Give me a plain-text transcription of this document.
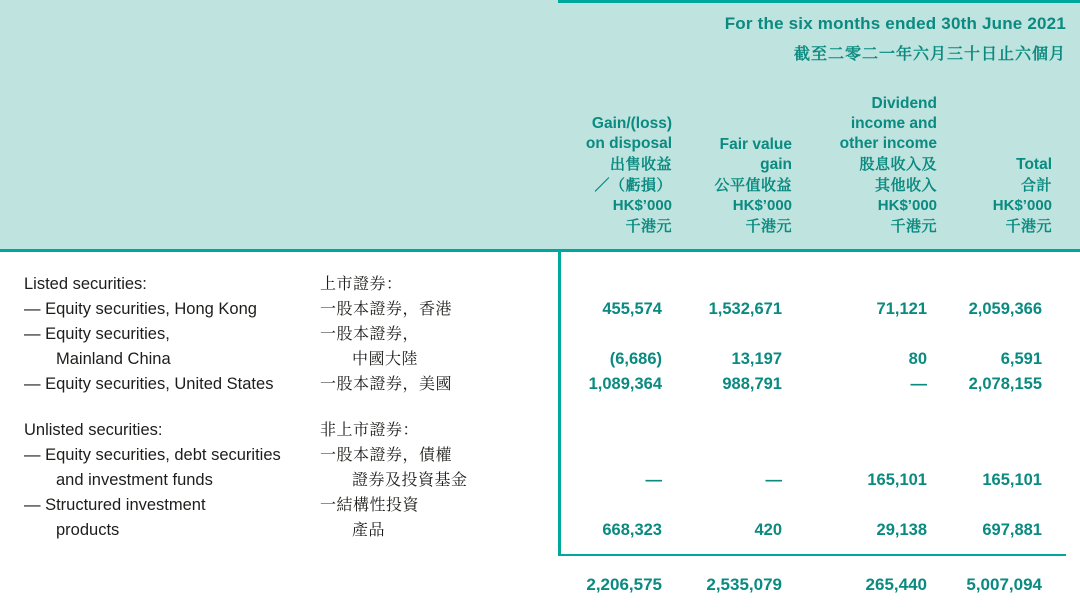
For the six months ended 30th June 2021
截至二零二一年六月三十日止六個月
Gain/(loss)
on disposal
出售收益
／（虧損）
HK$’000
千港元
Fair value
gain
公平值收益
HK$’000
千港元
Dividend
income and
other income
股息收入及
其他收入
HK$’000
千港元
Total
合計
HK$’000
千港元
Listed securities:	上市證券：
— Equity securities, Hong Kong	一股本證券，香港	455,574	1,532,671	71,121	2,059,366
— Equity securities,	一股本證券，
Mainland China	中國大陸	(6,686)	13,197	80	6,591
— Equity securities, United States	一股本證券，美國	1,089,364	988,791	—	2,078,155
Unlisted securities:	非上市證券：
— Equity securities, debt securities	一股本證券，債權
and investment funds	證券及投資基金	—	—	165,101	165,101
— Structured investment	一結構性投資
products	產品	668,323	420	29,138	697,881
2,206,575	2,535,079	265,440	5,007,094
